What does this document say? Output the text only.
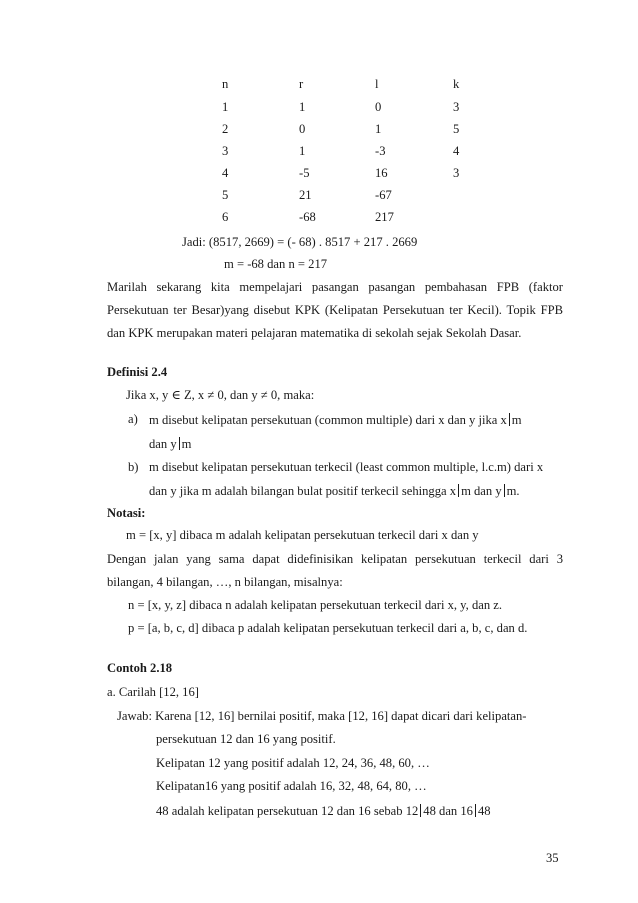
n	r	l	k
1	1	0	3
2	0	1	5
3	1	-3	4
4	-5	16	3
5	21	-67
6	-68	217
Jadi: (8517, 2669) = (- 68) . 8517 + 217 . 2669
m = -68 dan n = 217
Marilah sekarang kita mempelajari pasangan pasangan pembahasan FPB (faktor
Persekutuan ter Besar)yang disebut KPK (Kelipatan Persekutuan ter Kecil). Topik FPB
dan KPK merupakan materi pelajaran matematika di sekolah sejak Sekolah Dasar.
Definisi 2.4
Jika x, y ∈ Z, x ≠ 0, dan y ≠ 0, maka:
a) m disebut kelipatan persekutuan (common multiple) dari x dan y jika x m
dan y m
b) m disebut kelipatan persekutuan terkecil (least common multiple, l.c.m) dari x
dan y jika m adalah bilangan bulat positif terkecil sehingga x m dan y m.
Notasi:
m = [x, y] dibaca m adalah kelipatan persekutuan terkecil dari x dan y
Dengan jalan yang sama dapat didefinisikan kelipatan persekutuan terkecil dari 3
bilangan, 4 bilangan, …, n bilangan, misalnya:
n = [x, y, z] dibaca n adalah kelipatan persekutuan terkecil dari x, y, dan z.
p = [a, b, c, d] dibaca p adalah kelipatan persekutuan terkecil dari a, b, c, dan d.
Contoh 2.18
a. Carilah [12, 16]
Jawab: Karena [12, 16] bernilai positif, maka [12, 16] dapat dicari dari kelipatan-
persekutuan 12 dan 16 yang positif.
Kelipatan 12 yang positif adalah 12, 24, 36, 48, 60, …
Kelipatan16 yang positif adalah 16, 32, 48, 64, 80, …
48 adalah kelipatan persekutuan 12 dan 16 sebab 12 48 dan 16 48
35
